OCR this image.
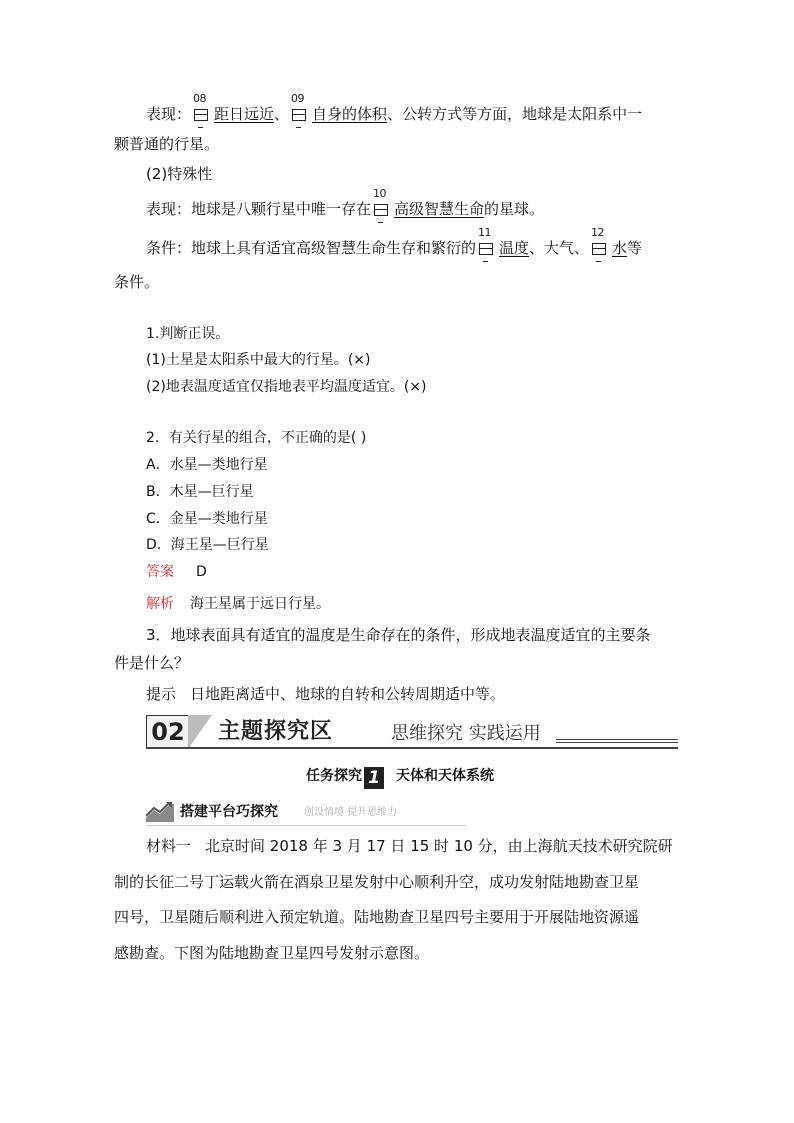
表现：
08
距日远近、
09
自身的体积、公转方式等方面，地球是太阳系中一
颗普通的行星。
(2)特殊性
表现：地球是八颗行星中唯一存在
10
高级智慧生命的星球。
条件：地球上具有适宜高级智慧生命生存和繁衍的
11
温度、大气、
12
水等
条件。
1.判断正误。
(1)土星是太阳系中最大的行星。(×)
(2)地表温度适宜仅指地表平均温度适宜。(×)
2．有关行星的组合，不正确的是( )
A．水星—类地行星
B．木星—巨行星
C．金星—类地行星
D．海王星—巨行星
答案 D
解析 海王星属于远日行星。
3．地球表面具有适宜的温度是生命存在的条件，形成地表温度适宜的主要条
件是什么？
提示 日地距离适中、地球的自转和公转周期适中等。
02 主题探究区	思维探究 实践运用
任务探究 1 天体和天体系统
搭建平台巧探究	创设情境 提升思维力
材料一 北京时间 2018 年 3 月 17 日 15 时 10 分，由上海航天技术研究院研
制的长征二号丁运载火箭在酒泉卫星发射中心顺利升空，成功发射陆地勘查卫星
四号，卫星随后顺利进入预定轨道。陆地勘查卫星四号主要用于开展陆地资源遥
感勘查。下图为陆地勘查卫星四号发射示意图。
